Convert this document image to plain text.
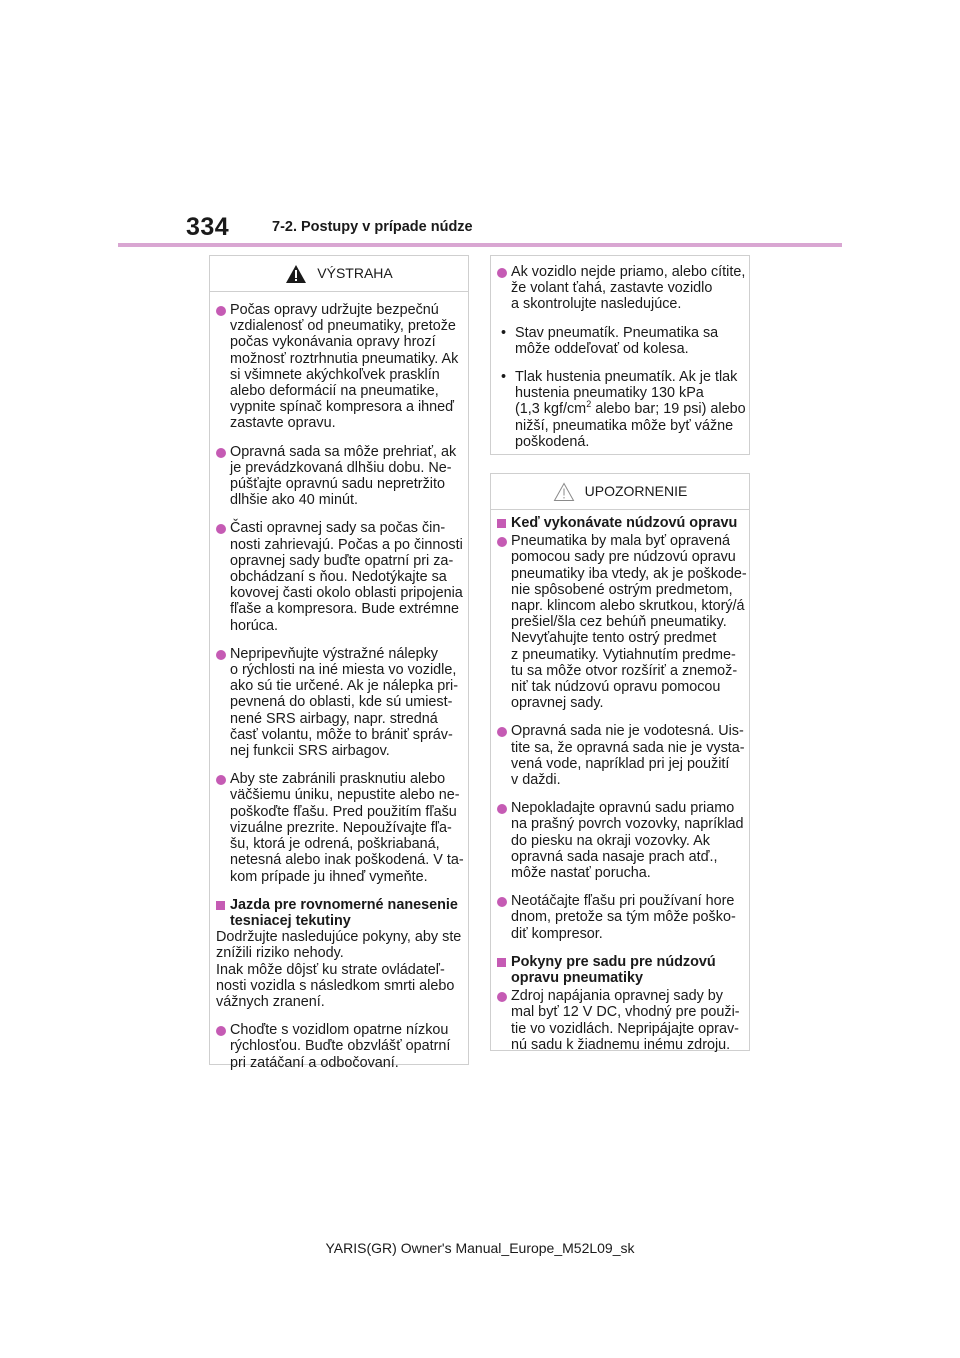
334	7-2. Postupy v prípade núdze
VÝSTRAHA
Počas opravy udržujte bezpečnú
vzdialenosť od pneumatiky, pretože
počas vykonávania opravy hrozí
možnosť roztrhnutia pneumatiky. Ak
si všimnete akýchkoľvek prasklín
alebo deformácií na pneumatike,
vypnite spínač kompresora a ihneď
zastavte opravu.
Opravná sada sa môže prehriať, ak
je prevádzkovaná dlhšiu dobu. Ne-
púšťajte opravnú sadu nepretržito
dlhšie ako 40 minút.
Časti opravnej sady sa počas čin-
nosti zahrievajú. Počas a po činnosti
opravnej sady buďte opatrní pri za-
obchádzaní s ňou. Nedotýkajte sa
kovovej časti okolo oblasti pripojenia
fľaše a kompresora. Bude extrémne
horúca.
Nepripevňujte výstražné nálepky
o rýchlosti na iné miesta vo vozidle,
ako sú tie určené. Ak je nálepka pri-
pevnená do oblasti, kde sú umiest-
nené SRS airbagy, napr. stredná
časť volantu, môže to brániť správ-
nej funkcii SRS airbagov.
Aby ste zabránili prasknutiu alebo
väčšiemu úniku, nepustite alebo ne-
poškoďte fľašu. Pred použitím fľašu
vizuálne prezrite. Nepoužívajte fľa-
šu, ktorá je odrená, poškriabaná,
netesná alebo inak poškodená. V ta-
kom prípade ju ihneď vymeňte.
Jazda pre rovnomerné nanesenie
tesniacej tekutiny
Dodržujte nasledujúce pokyny, aby ste
znížili riziko nehody.
Inak môže dôjsť ku strate ovládateľ-
nosti vozidla s následkom smrti alebo
vážnych zranení.
Choďte s vozidlom opatrne nízkou
rýchlosťou. Buďte obzvlášť opatrní
pri zatáčaní a odbočovaní.
Ak vozidlo nejde priamo, alebo cítite,
že volant ťahá, zastavte vozidlo
a skontrolujte nasledujúce.
• Stav pneumatík. Pneumatika sa
môže oddeľovať od kolesa.
• Tlak hustenia pneumatík. Ak je tlak
hustenia pneumatiky 130 kPa
(1,3 kgf/$cm^2$ alebo bar; 19 psi) alebo
nižší, pneumatika môže byť vážne
poškodená.
UPOZORNENIE
Keď vykonávate núdzovú opravu
Pneumatika by mala byť opravená
pomocou sady pre núdzovú opravu
pneumatiky iba vtedy, ak je poškode-
nie spôsobené ostrým predmetom,
napr. klincom alebo skrutkou, ktorý/á
prešiel/šla cez behúň pneumatiky.
Nevyťahujte tento ostrý predmet
z pneumatiky. Vytiahnutím predme-
tu sa môže otvor rozšíriť a znemož-
niť tak núdzovú opravu pomocou
opravnej sady.
Opravná sada nie je vodotesná. Uis-
tite sa, že opravná sada nie je vysta-
vená vode, napríklad pri jej použití
v daždi.
Nepokladajte opravnú sadu priamo
na prašný povrch vozovky, napríklad
do piesku na okraji vozovky. Ak
opravná sada nasaje prach atď.,
môže nastať porucha.
Neotáčajte fľašu pri používaní hore
dnom, pretože sa tým môže poško-
diť kompresor.
Pokyny pre sadu pre núdzovú
opravu pneumatiky
Zdroj napájania opravnej sady by
mal byť 12 V DC, vhodný pre použi-
tie vo vozidlách. Nepripájajte oprav-
nú sadu k žiadnemu inému zdroju.
YARIS(GR) Owner's Manual_Europe_M52L09_sk
